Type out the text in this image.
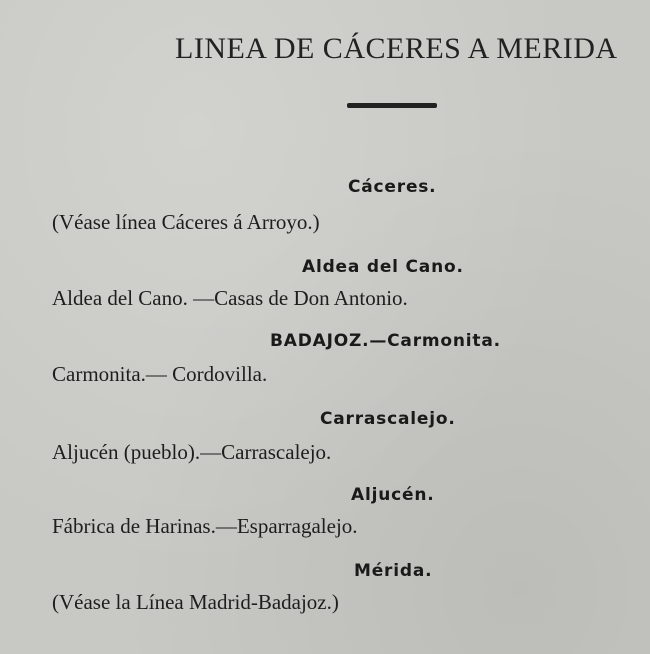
LINEA DE CÁCERES A MERIDA
Cáceres.
(Véase línea Cáceres á Arroyo.)
Aldea del Cano.
Aldea del Cano. —Casas de Don Antonio.
BADAJOZ.—Carmonita.
Carmonita.— Cordovilla.
Carrascalejo.
Aljucén (pueblo).—Carrascalejo.
Aljucén.
Fábrica de Harinas.—Esparragalejo.
Mérida.
(Véase la Línea Madrid-Badajoz.)
